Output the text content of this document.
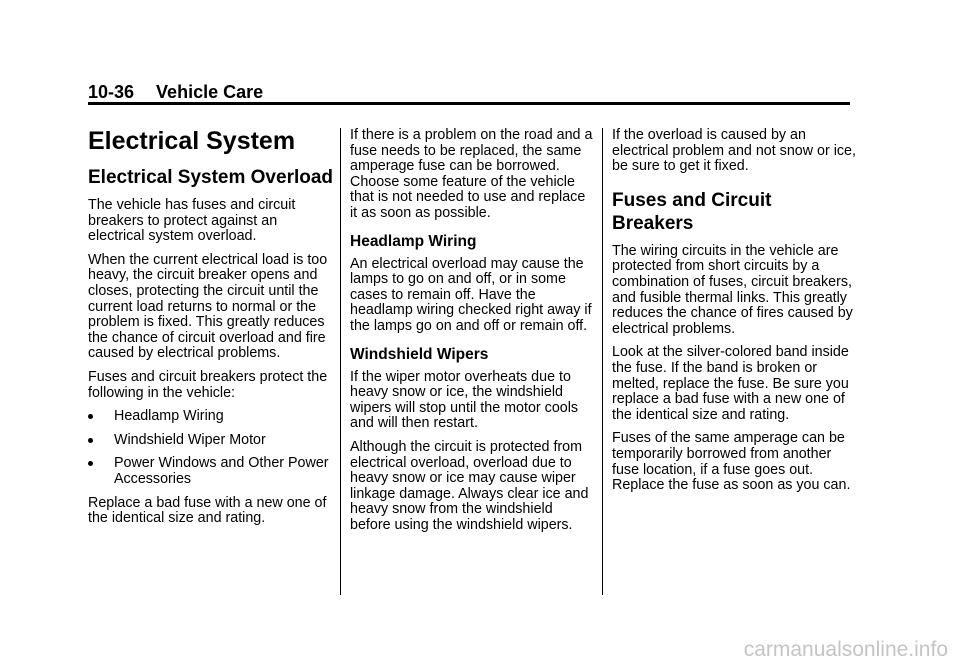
10-36 Vehicle Care
Electrical System
Electrical System Overload

The vehicle has fuses and circuit breakers to protect against an electrical system overload.

When the current electrical load is too heavy, the circuit breaker opens and closes, protecting the circuit until the current load returns to normal or the problem is fixed. This greatly reduces the chance of circuit overload and fire caused by electrical problems.

Fuses and circuit breakers protect the following in the vehicle:

Headlamp Wiring
Windshield Wiper Motor
Power Windows and Other Power Accessories

Replace a bad fuse with a new one of the identical size and rating.

If there is a problem on the road and a fuse needs to be replaced, the same amperage fuse can be borrowed. Choose some feature of the vehicle that is not needed to use and replace it as soon as possible.

Headlamp Wiring

An electrical overload may cause the lamps to go on and off, or in some cases to remain off. Have the headlamp wiring checked right away if the lamps go on and off or remain off.

Windshield Wipers

If the wiper motor overheats due to heavy snow or ice, the windshield wipers will stop until the motor cools and will then restart.

Although the circuit is protected from electrical overload, overload due to heavy snow or ice may cause wiper linkage damage. Always clear ice and heavy snow from the windshield before using the windshield wipers.

If the overload is caused by an electrical problem and not snow or ice, be sure to get it fixed.

Fuses and Circuit Breakers

The wiring circuits in the vehicle are protected from short circuits by a combination of fuses, circuit breakers, and fusible thermal links. This greatly reduces the chance of fires caused by electrical problems.

Look at the silver-colored band inside the fuse. If the band is broken or melted, replace the fuse. Be sure you replace a bad fuse with a new one of the identical size and rating.

Fuses of the same amperage can be temporarily borrowed from another fuse location, if a fuse goes out. Replace the fuse as soon as you can.

carmanualsonline.info
